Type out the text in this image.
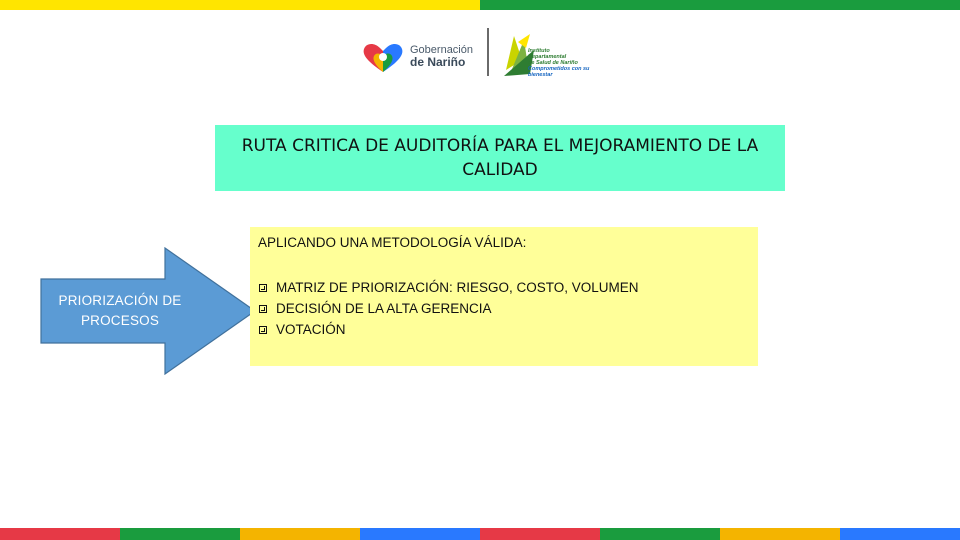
Gobernación
de Nariño
Instituto
Departamental
de Salud de Nariño
Comprometidos con su bienestar
RUTA CRITICA DE AUDITORÍA PARA EL MEJORAMIENTO DE LA CALIDAD
PRIORIZACIÓN DE PROCESOS
APLICANDO UNA METODOLOGÍA VÁLIDA:
MATRIZ DE PRIORIZACIÓN: RIESGO, COSTO, VOLUMEN
DECISIÓN DE LA ALTA GERENCIA
VOTACIÓN
